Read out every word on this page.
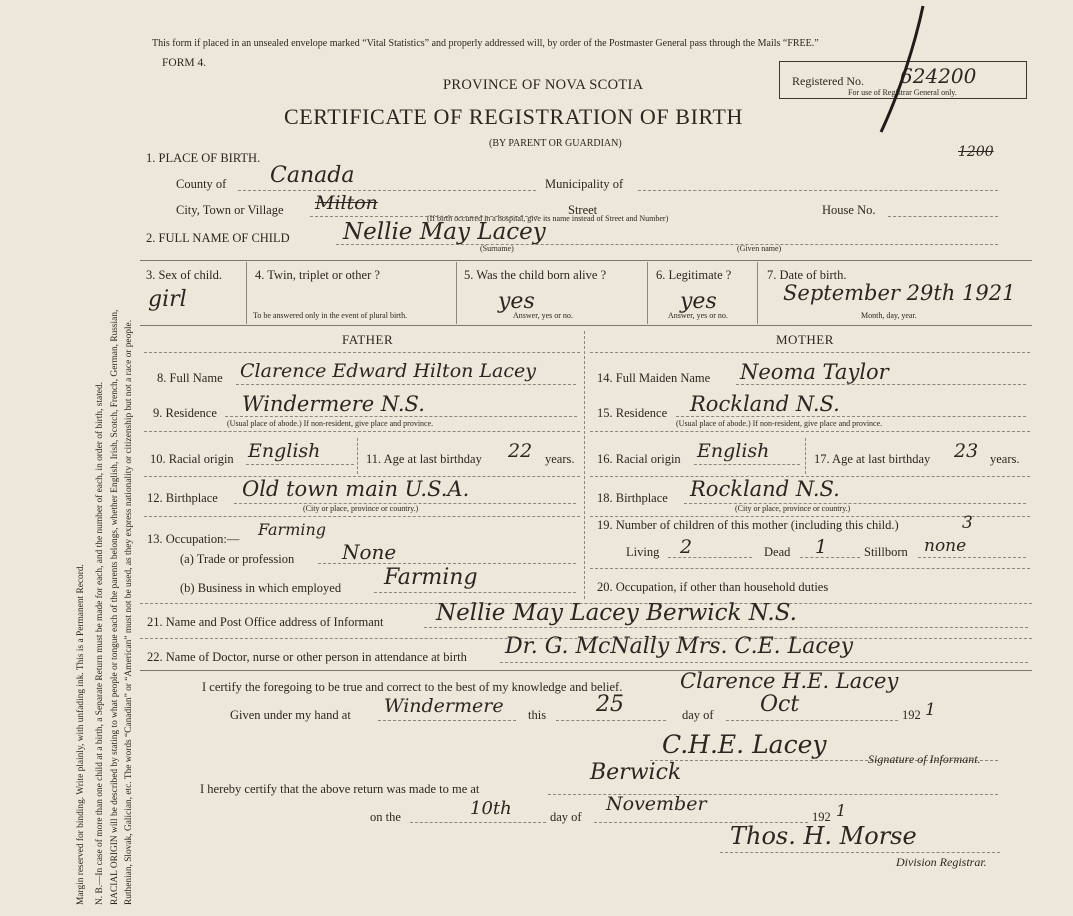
Margin reserved for binding. Write plainly, with unfading ink. This is a Permanent Record. N. B.—In case of more than one child at a birth, a Separate Return must be made for each, and the number of each, in order of birth, stated. RACIAL ORIGIN will be described by stating to what people or tongue each of the parents belongs, whether English, Irish, Scotch, French, German, Russian, Ruthenian, Slovak, Galician, etc. The words “Canadian” or “American” must not be used, as they express nationality or citizenship but not a race or people.
This form if placed in an unsealed envelope marked “Vital Statistics” and properly addressed will, by order of the Postmaster General pass through the Mails “FREE.”
FORM 4.
PROVINCE OF NOVA SCOTIA
CERTIFICATE OF REGISTRATION OF BIRTH
(BY PARENT OR GUARDIAN)
Registered No. 624200
For use of Registrar General only.
1200
1. PLACE OF BIRTH.
County of Canada	Municipality of
City, Town or Village Milton	Street	House No.
(If birth occurred in a hospital, give its name instead of Street and Number)
2. FULL NAME OF CHILD Nellie May Lacey
(Surname)	(Given name)
3. Sex of child.
girl
4. Twin, triplet or other ?
To be answered only in the event of plural birth.
5. Was the child born alive ?
yes
Answer, yes or no.
6. Legitimate ?
yes
Answer, yes or no.
7. Date of birth.
September 29th 1921
Month, day, year.
FATHER	MOTHER
8. Full Name Clarence Edward Hilton Lacey	14. Full Maiden Name Neoma Taylor
9. Residence Windermere N.S.
(Usual place of abode.) If non-resident, give place and province.
15. Residence Rockland N.S.
(Usual place of abode.) If non-resident, give place and province.
10. Racial origin English	11. Age at last birthday 22 years. 16. Racial origin English	17. Age at last birthday 23 years.
12. Birthplace Old town main U.S.A.
(City or place, province or country.)
18. Birthplace Rockland N.S.
(City or place, province or country.)
13. Occupation:— Farming
(a) Trade or profession None
(b) Business in which employed Farming
19. Number of children of this mother (including this child.)	3
Living 2	Dead 1	Stillborn none
20. Occupation, if other than household duties
21. Name and Post Office address of Informant Nellie May Lacey Berwick N.S.
22. Name of Doctor, nurse or other person in attendance at birth Dr. G. McNally Mrs. C.E. Lacey
I certify the foregoing to be true and correct to the best of my knowledge and belief.	Clarence H.E. Lacey
Given under my hand at Windermere this 25	day of Oct	192 1
C.H.E. Lacey	Signature of Informant.
I hereby certify that the above return was made to me at
Berwick
on the	10th	day of
November
192 1
Thos. H. Morse
Division Registrar.
